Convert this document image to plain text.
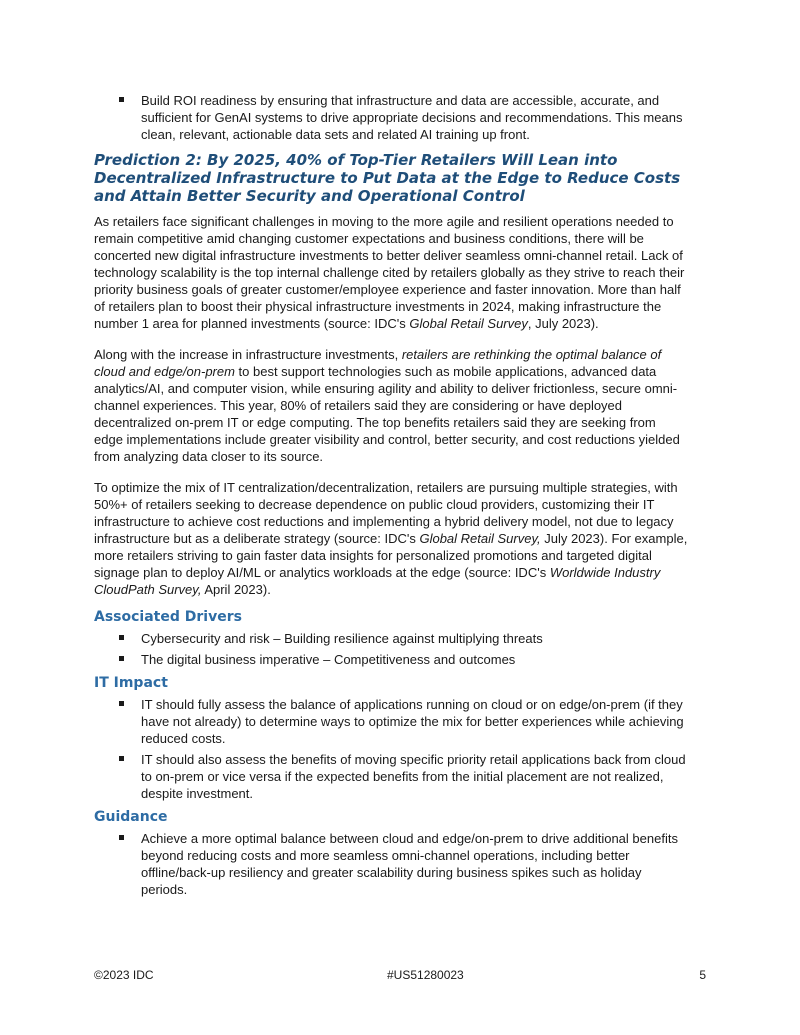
Build ROI readiness by ensuring that infrastructure and data are accessible, accurate, and sufficient for GenAI systems to drive appropriate decisions and recommendations. This means clean, relevant, actionable data sets and related AI training up front.
Prediction 2: By 2025, 40% of Top-Tier Retailers Will Lean into Decentralized Infrastructure to Put Data at the Edge to Reduce Costs and Attain Better Security and Operational Control

As retailers face significant challenges in moving to the more agile and resilient operations needed to remain competitive amid changing customer expectations and business conditions, there will be concerted new digital infrastructure investments to better deliver seamless omni-channel retail. Lack of technology scalability is the top internal challenge cited by retailers globally as they strive to reach their priority business goals of greater customer/employee experience and faster innovation. More than half of retailers plan to boost their physical infrastructure investments in 2024, making infrastructure the number 1 area for planned investments (source: IDC's Global Retail Survey, July 2023).

Along with the increase in infrastructure investments, retailers are rethinking the optimal balance of cloud and edge/on-prem to best support technologies such as mobile applications, advanced data analytics/AI, and computer vision, while ensuring agility and ability to deliver frictionless, secure omni-channel experiences. This year, 80% of retailers said they are considering or have deployed decentralized on-prem IT or edge computing. The top benefits retailers said they are seeking from edge implementations include greater visibility and control, better security, and cost reductions yielded from analyzing data closer to its source.

To optimize the mix of IT centralization/decentralization, retailers are pursuing multiple strategies, with 50%+ of retailers seeking to decrease dependence on public cloud providers, customizing their IT infrastructure to achieve cost reductions and implementing a hybrid delivery model, not due to legacy infrastructure but as a deliberate strategy (source: IDC's Global Retail Survey, July 2023). For example, more retailers striving to gain faster data insights for personalized promotions and targeted digital signage plan to deploy AI/ML or analytics workloads at the edge (source: IDC's Worldwide Industry CloudPath Survey, April 2023).

Associated Drivers
Cybersecurity and risk – Building resilience against multiplying threats
The digital business imperative – Competitiveness and outcomes
IT Impact
IT should fully assess the balance of applications running on cloud or on edge/on-prem (if they have not already) to determine ways to optimize the mix for better experiences while achieving reduced costs.
IT should also assess the benefits of moving specific priority retail applications back from cloud to on-prem or vice versa if the expected benefits from the initial placement are not realized, despite investment.
Guidance
Achieve a more optimal balance between cloud and edge/on-prem to drive additional benefits beyond reducing costs and more seamless omni-channel operations, including better offline/back-up resiliency and greater scalability during business spikes such as holiday periods.
©2023 IDC	#US51280023	5
